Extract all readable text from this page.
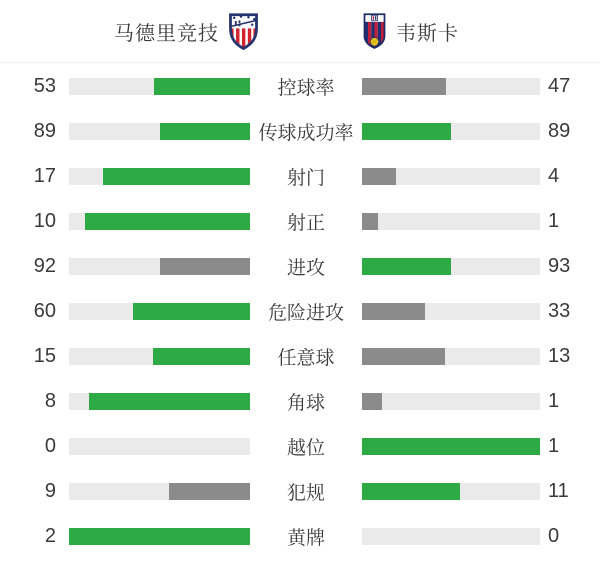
马德里竞技	韦斯卡
53	控球率	47
89	传球成功率	89
17	射门	4
10	射正	1
92	进攻	93
60	危险进攻	33
15	任意球	13
8	角球	1
0	越位	1
9	犯规	11
2	黄牌	0
